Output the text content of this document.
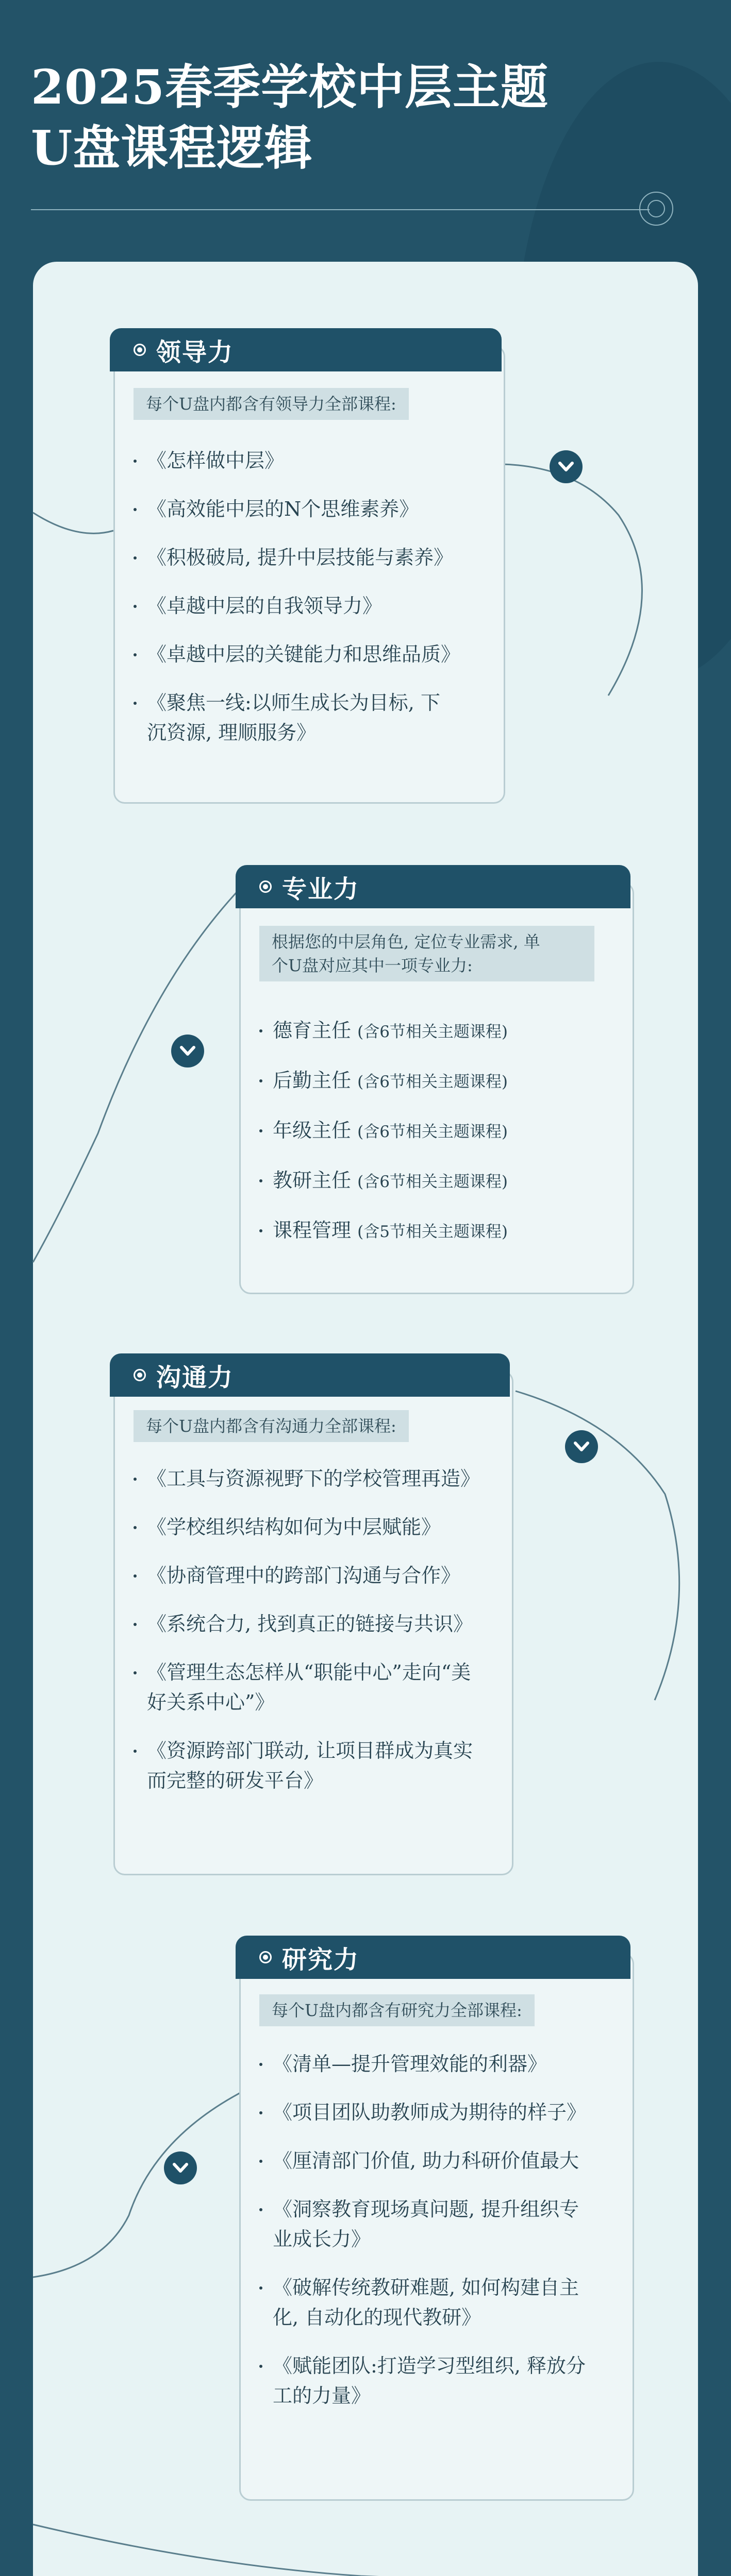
2025春季学校中层主题
U盘课程逻辑
领导力
每个U盘内都含有领导力全部课程:
《怎样做中层》
《高效能中层的N个思维素养》
《积极破局, 提升中层技能与素养》
《卓越中层的自我领导力》
《卓越中层的关键能力和思维品质》
《聚焦一线:以师生成长为目标, 下
沉资源, 理顺服务》
专业力
根据您的中层角色, 定位专业需求, 单
个U盘对应其中一项专业力:
德育主任 (含6节相关主题课程)
后勤主任 (含6节相关主题课程)
年级主任 (含6节相关主题课程)
教研主任 (含6节相关主题课程)
课程管理 (含5节相关主题课程)
沟通力
每个U盘内都含有沟通力全部课程:
《工具与资源视野下的学校管理再造》
《学校组织结构如何为中层赋能》
《协商管理中的跨部门沟通与合作》
《系统合力, 找到真正的链接与共识》
《管理生态怎样从“职能中心”走向“美
好关系中心”》
《资源跨部门联动, 让项目群成为真实
而完整的研发平台》
研究力
每个U盘内都含有研究力全部课程:
《清单—提升管理效能的利器》
《项目团队助教师成为期待的样子》
《厘清部门价值, 助力科研价值最大
《洞察教育现场真问题, 提升组织专
业成长力》
《破解传统教研难题, 如何构建自主
化, 自动化的现代教研》
《赋能团队:打造学习型组织, 释放分
工的力量》
